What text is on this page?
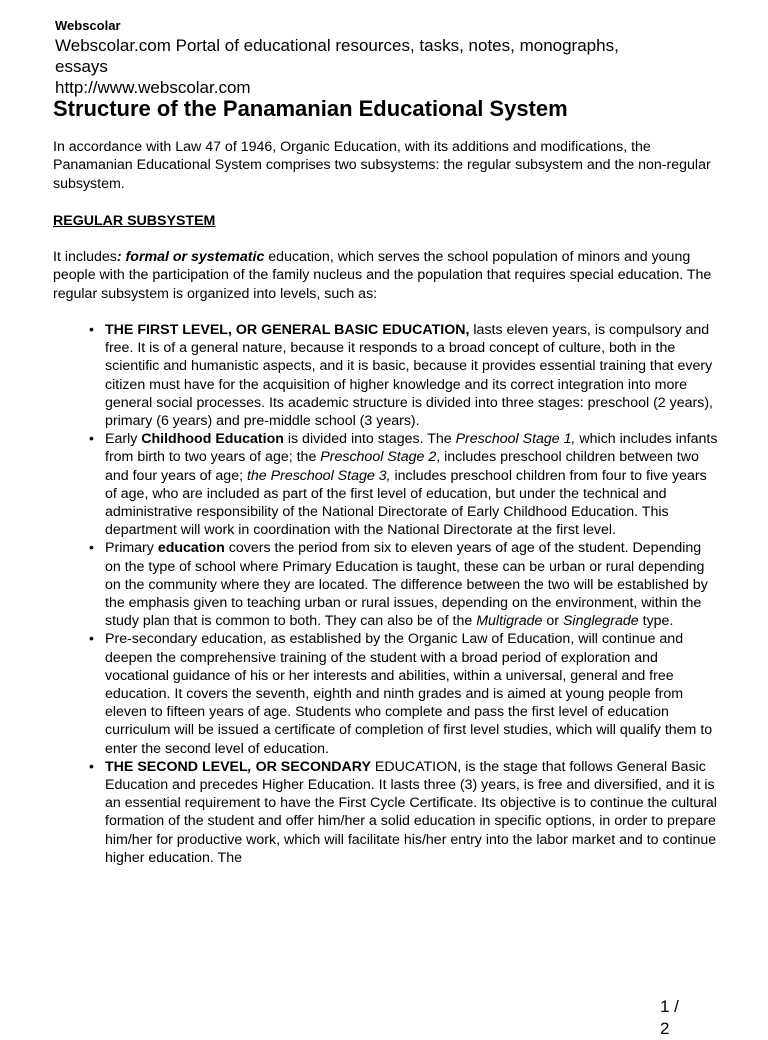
Webscolar
Webscolar.com Portal of educational resources, tasks, notes, monographs, essays
http://www.webscolar.com
Structure of the Panamanian Educational System

In accordance with Law 47 of 1946, Organic Education, with its additions and modifications, the Panamanian Educational System comprises two subsystems: the regular subsystem and the non-regular subsystem.

REGULAR SUBSYSTEM

It includes: formal or systematic education, which serves the school population of minors and young people with the participation of the family nucleus and the population that requires special education. The regular subsystem is organized into levels, such as:

• THE FIRST LEVEL, OR GENERAL BASIC EDUCATION, lasts eleven years, is compulsory and free. It is of a general nature, because it responds to a broad concept of culture, both in the scientific and humanistic aspects, and it is basic, because it provides essential training that every citizen must have for the acquisition of higher knowledge and its correct integration into more general social processes. Its academic structure is divided into three stages: preschool (2 years), primary (6 years) and pre-middle school (3 years).
• Early Childhood Education is divided into stages. The Preschool Stage 1, which includes infants from birth to two years of age; the Preschool Stage 2, includes preschool children between two and four years of age; the Preschool Stage 3, includes preschool children from four to five years of age, who are included as part of the first level of education, but under the technical and administrative responsibility of the National Directorate of Early Childhood Education. This department will work in coordination with the National Directorate at the first level.
• Primary education covers the period from six to eleven years of age of the student. Depending on the type of school where Primary Education is taught, these can be urban or rural depending on the community where they are located. The difference between the two will be established by the emphasis given to teaching urban or rural issues, depending on the environment, within the study plan that is common to both. They can also be of the Multigrade or Singlegrade type.
• Pre-secondary education, as established by the Organic Law of Education, will continue and deepen the comprehensive training of the student with a broad period of exploration and vocational guidance of his or her interests and abilities, within a universal, general and free education. It covers the seventh, eighth and ninth grades and is aimed at young people from eleven to fifteen years of age. Students who complete and pass the first level of education curriculum will be issued a certificate of completion of first level studies, which will qualify them to enter the second level of education.
• THE SECOND LEVEL, OR SECONDARY EDUCATION, is the stage that follows General Basic Education and precedes Higher Education. It lasts three (3) years, is free and diversified, and it is an essential requirement to have the First Cycle Certificate. Its objective is to continue the cultural formation of the student and offer him/her a solid education in specific options, in order to prepare him/her for productive work, which will facilitate his/her entry into the labor market and to continue higher education. The
1 / 2
